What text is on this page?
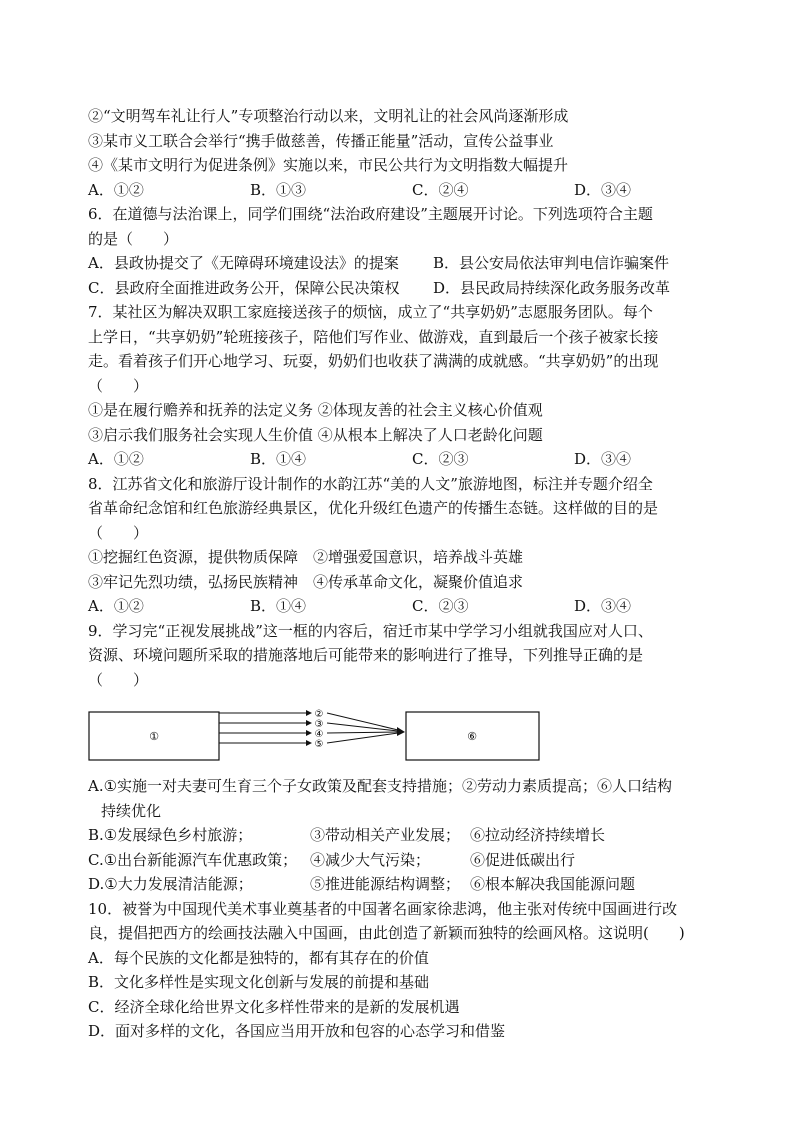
②“文明驾车礼让行人”专项整治行动以来，文明礼让的社会风尚逐渐形成
③某市义工联合会举行“携手做慈善，传播正能量”活动，宣传公益事业
④《某市文明行为促进条例》实施以来，市民公共行为文明指数大幅提升
A．①②	B．①③	C．②④	D．③④
6．在道德与法治课上，同学们围绕“法治政府建设”主题展开讨论。下列选项符合主题
的是（　　）
A．县政协提交了《无障碍环境建设法》的提案	B．县公安局依法审判电信诈骗案件
C．县政府全面推进政务公开，保障公民决策权	D．县民政局持续深化政务服务改革
7．某社区为解决双职工家庭接送孩子的烦恼，成立了“共享奶奶”志愿服务团队。每个
上学日，“共享奶奶”轮班接孩子，陪他们写作业、做游戏，直到最后一个孩子被家长接
走。看着孩子们开心地学习、玩耍，奶奶们也收获了满满的成就感。“共享奶奶”的出现
（　　）
①是在履行赡养和抚养的法定义务 ②体现友善的社会主义核心价值观
③启示我们服务社会实现人生价值 ④从根本上解决了人口老龄化问题
A．①②	B．①④	C．②③	D．③④
8．江苏省文化和旅游厅设计制作的水韵江苏“美的人文”旅游地图，标注并专题介绍全
省革命纪念馆和红色旅游经典景区，优化升级红色遗产的传播生态链。这样做的目的是
（　　）
①挖掘红色资源，提供物质保障　②增强爱国意识，培养战斗英雄
③牢记先烈功绩，弘扬民族精神　④传承革命文化，凝聚价值追求
A．①②	B．①④	C．②③	D．③④
9．学习完“正视发展挑战”这一框的内容后，宿迁市某中学学习小组就我国应对人口、
资源、环境问题所采取的措施落地后可能带来的影响进行了推导，下列推导正确的是
（　　）
①
②
③
④
⑤
⑥
A.①实施一对夫妻可生育三个子女政策及配套支持措施；②劳动力素质提高；⑥人口结构
持续优化
B.①发展绿色乡村旅游；	③带动相关产业发展； ⑥拉动经济持续增长
C.①出台新能源汽车优惠政策； ④减少大气污染；	⑥促进低碳出行
D.①大力发展清洁能源；	⑤推进能源结构调整； ⑥根本解决我国能源问题
10．被誉为中国现代美术事业奠基者的中国著名画家徐悲鸿，他主张对传统中国画进行改
良，提倡把西方的绘画技法融入中国画，由此创造了新颖而独特的绘画风格。这说明(　　)
A．每个民族的文化都是独特的，都有其存在的价值
B．文化多样性是实现文化创新与发展的前提和基础
C．经济全球化给世界文化多样性带来的是新的发展机遇
D．面对多样的文化，各国应当用开放和包容的心态学习和借鉴
